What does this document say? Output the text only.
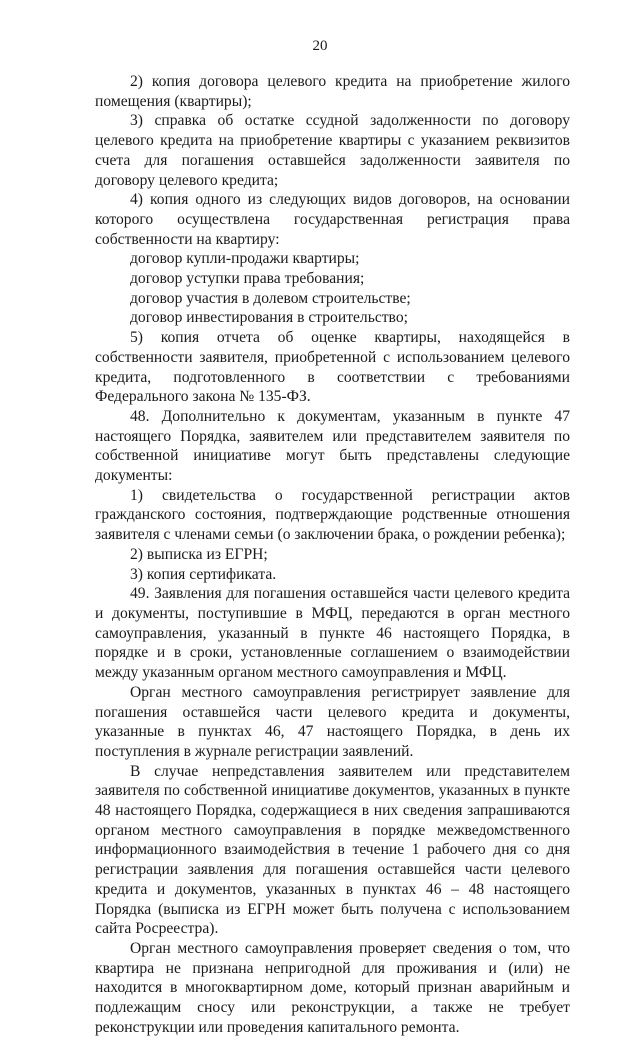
20

2) копия договора целевого кредита на приобретение жилого помещения (квартиры);

3) справка об остатке ссудной задолженности по договору целевого кредита на приобретение квартиры с указанием реквизитов счета для погашения оставшейся задолженности заявителя по договору целевого кредита;

4) копия одного из следующих видов договоров, на основании которого осуществлена государственная регистрация права собственности на квартиру:

договор купли-продажи квартиры;

договор уступки права требования;

договор участия в долевом строительстве;

договор инвестирования в строительство;

5) копия отчета об оценке квартиры, находящейся в собственности заявителя, приобретенной с использованием целевого кредита, подготовленного в соответствии с требованиями Федерального закона № 135-ФЗ.

48. Дополнительно к документам, указанным в пункте 47 настоящего Порядка, заявителем или представителем заявителя по собственной инициативе могут быть представлены следующие документы:

1) свидетельства о государственной регистрации актов гражданского состояния, подтверждающие родственные отношения заявителя с членами семьи (о заключении брака, о рождении ребенка);

2) выписка из ЕГРН;

3) копия сертификата.

49. Заявления для погашения оставшейся части целевого кредита и документы, поступившие в МФЦ, передаются в орган местного самоуправления, указанный в пункте 46 настоящего Порядка, в порядке и в сроки, установленные соглашением о взаимодействии между указанным органом местного самоуправления и МФЦ.

Орган местного самоуправления регистрирует заявление для погашения оставшейся части целевого кредита и документы, указанные в пунктах 46, 47 настоящего Порядка, в день их поступления в журнале регистрации заявлений.

В случае непредставления заявителем или представителем заявителя по собственной инициативе документов, указанных в пункте 48 настоящего Порядка, содержащиеся в них сведения запрашиваются органом местного самоуправления в порядке межведомственного информационного взаимодействия в течение 1 рабочего дня со дня регистрации заявления для погашения оставшейся части целевого кредита и документов, указанных в пунктах 46 – 48 настоящего Порядка (выписка из ЕГРН может быть получена с использованием сайта Росреестра).

Орган местного самоуправления проверяет сведения о том, что квартира не признана непригодной для проживания и (или) не находится в многоквартирном доме, который признан аварийным и подлежащим сносу или реконструкции, а также не требует реконструкции или проведения капитального ремонта.
